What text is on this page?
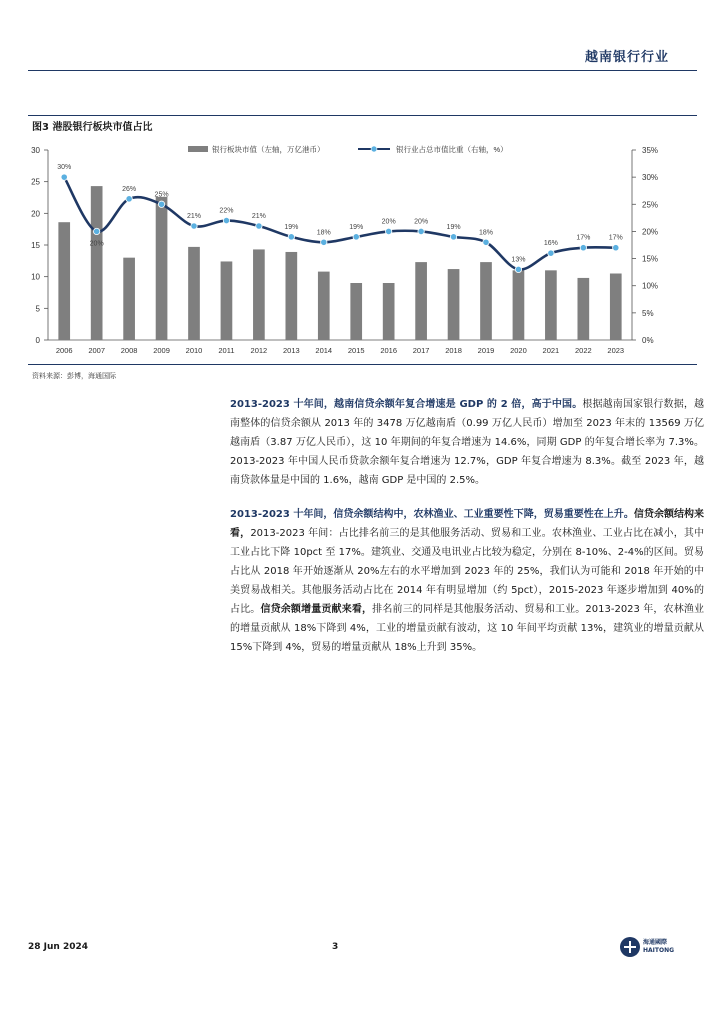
越南银行行业
图3 港股银行板块市值占比
0
5
10
15
20
25
30
0%
5%
10%
15%
20%
25%
30%
35%
2006 2007 2008 2009 2010 2011 2012 2013 2014 2015 2016 2017 2018 2019 2020 2021 2022 2023
30%
20%
26%
25%
21%
22%
21%
19%
18%
19%
20%	20%
19%
18%
13%
16%
17%	17%
银行板块市值（左轴，万亿港币）	银行业占总市值比重（右轴，%）
资料来源：彭博，海通国际
2013-2023 十年间，越南信贷余额年复合增速是 GDP 的 2 倍，高于中国。根据越南国家银行数据，越南整体的信贷余额从 2013 年的 3478 万亿越南盾（0.99 万亿人民币）增加至 2023 年末的 13569 万亿越南盾（3.87 万亿人民币），这 10 年期间的年复合增速为 14.6%，同期 GDP 的年复合增长率为 7.3%。2013-2023 年中国人民币贷款余额年复合增速为 12.7%，GDP 年复合增速为 8.3%。截至 2023 年，越南贷款体量是中国的 1.6%，越南 GDP 是中国的 2.5%。
2013-2023 十年间，信贷余额结构中，农林渔业、工业重要性下降，贸易重要性在上升。信贷余额结构来看，2013-2023 年间：占比排名前三的是其他服务活动、贸易和工业。农林渔业、工业占比在减小，其中工业占比下降 10pct 至 17%。建筑业、交通及电讯业占比较为稳定，分别在 8-10%、2-4%的区间。贸易占比从 2018 年开始逐渐从 20%左右的水平增加到 2023 年的 25%，我们认为可能和 2018 年开始的中美贸易战相关。其他服务活动占比在 2014 年有明显增加（约 5pct），2015-2023 年逐步增加到 40%的占比。信贷余额增量贡献来看，排名前三的同样是其他服务活动、贸易和工业。2013-2023 年，农林渔业的增量贡献从 18%下降到 4%，工业的增量贡献有波动，这 10 年间平均贡献 13%，建筑业的增量贡献从 15%下降到 4%，贸易的增量贡献从 18%上升到 35%。
28 Jun 2024	3	海通國際
HAITONG
